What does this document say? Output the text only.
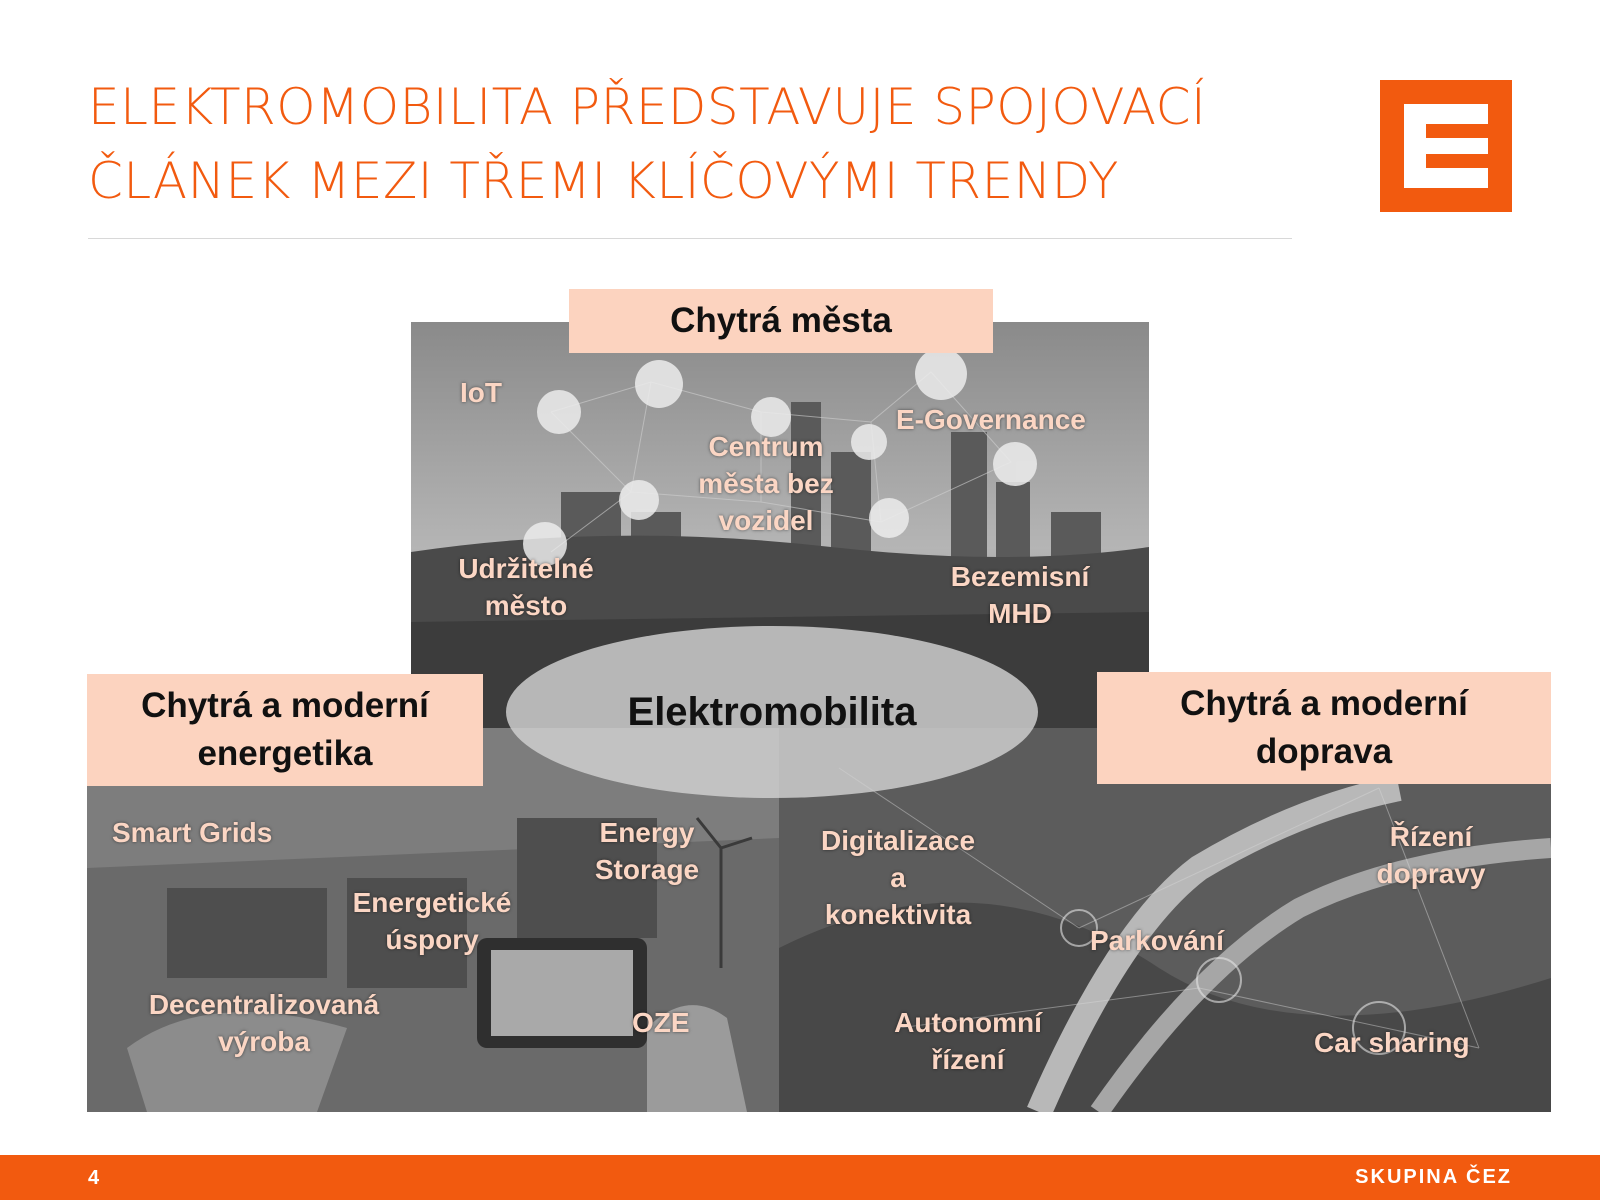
ELEKTROMOBILITA PŘEDSTAVUJE SPOJOVACÍ
ČLÁNEK MEZI TŘEMI KLÍČOVÝMI TRENDY
Chytrá města
Chytrá a moderní
energetika
Chytrá a moderní
doprava
Elektromobilita
IoT
E-Governance
Centrum
města bez
vozidel
Udržitelné
město
Bezemisní
MHD
Smart Grids	Energy
Storage
Energetické
úspory
Decentralizovaná
výroba
OZE
Digitalizace
a
konektivita
Řízení
dopravy
Parkování
Autonomní
řízení
Car sharing
4	SKUPINA ČEZ
